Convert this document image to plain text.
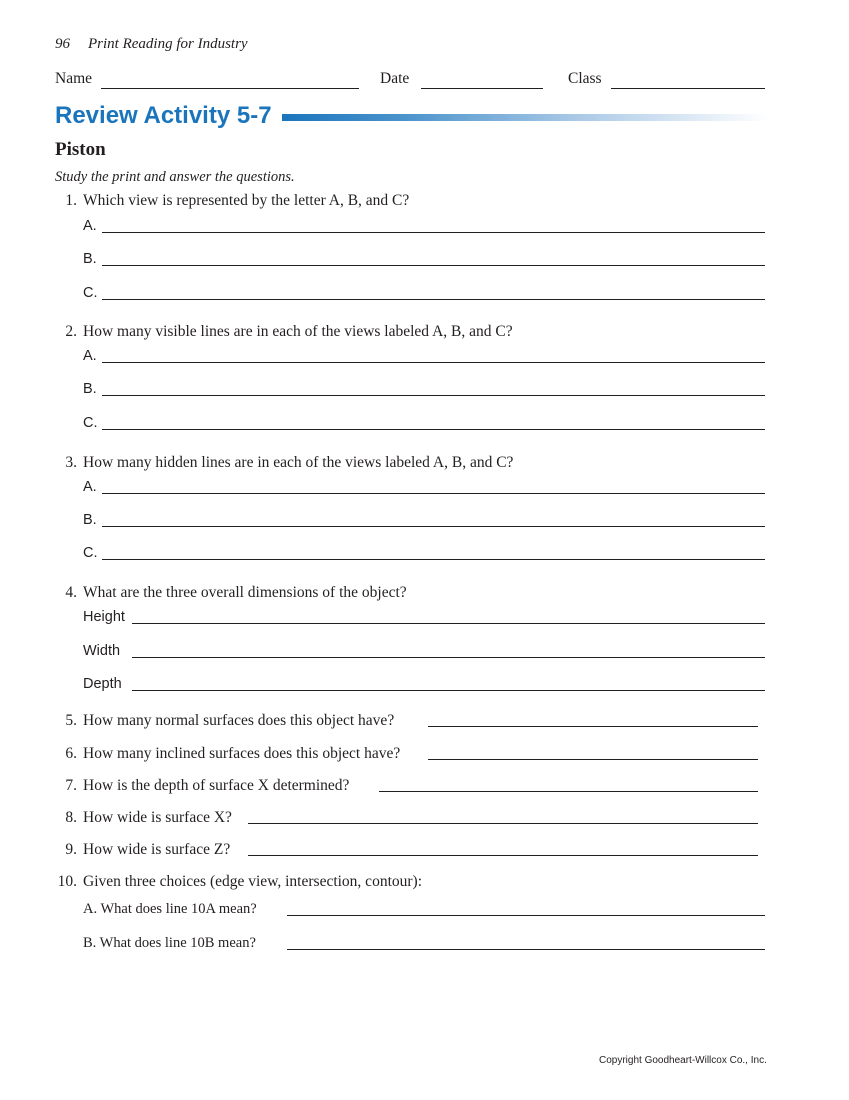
96 Print Reading for Industry
Name	Date	Class
Review Activity 5-7
Piston
Study the print and answer the questions.
1. Which view is represented by the letter A, B, and C?
A.
B.
C.
2. How many visible lines are in each of the views labeled A, B, and C?
A.
B.
C.
3. How many hidden lines are in each of the views labeled A, B, and C?
A.
B.
C.
4. What are the three overall dimensions of the object?
Height
Width
Depth
5. How many normal surfaces does this object have?
6. How many inclined surfaces does this object have?
7. How is the depth of surface X determined?
8. How wide is surface X?
9. How wide is surface Z?
10. Given three choices (edge view, intersection, contour):
A. What does line 10A mean?
B. What does line 10B mean?
Copyright Goodheart-Willcox Co., Inc.
